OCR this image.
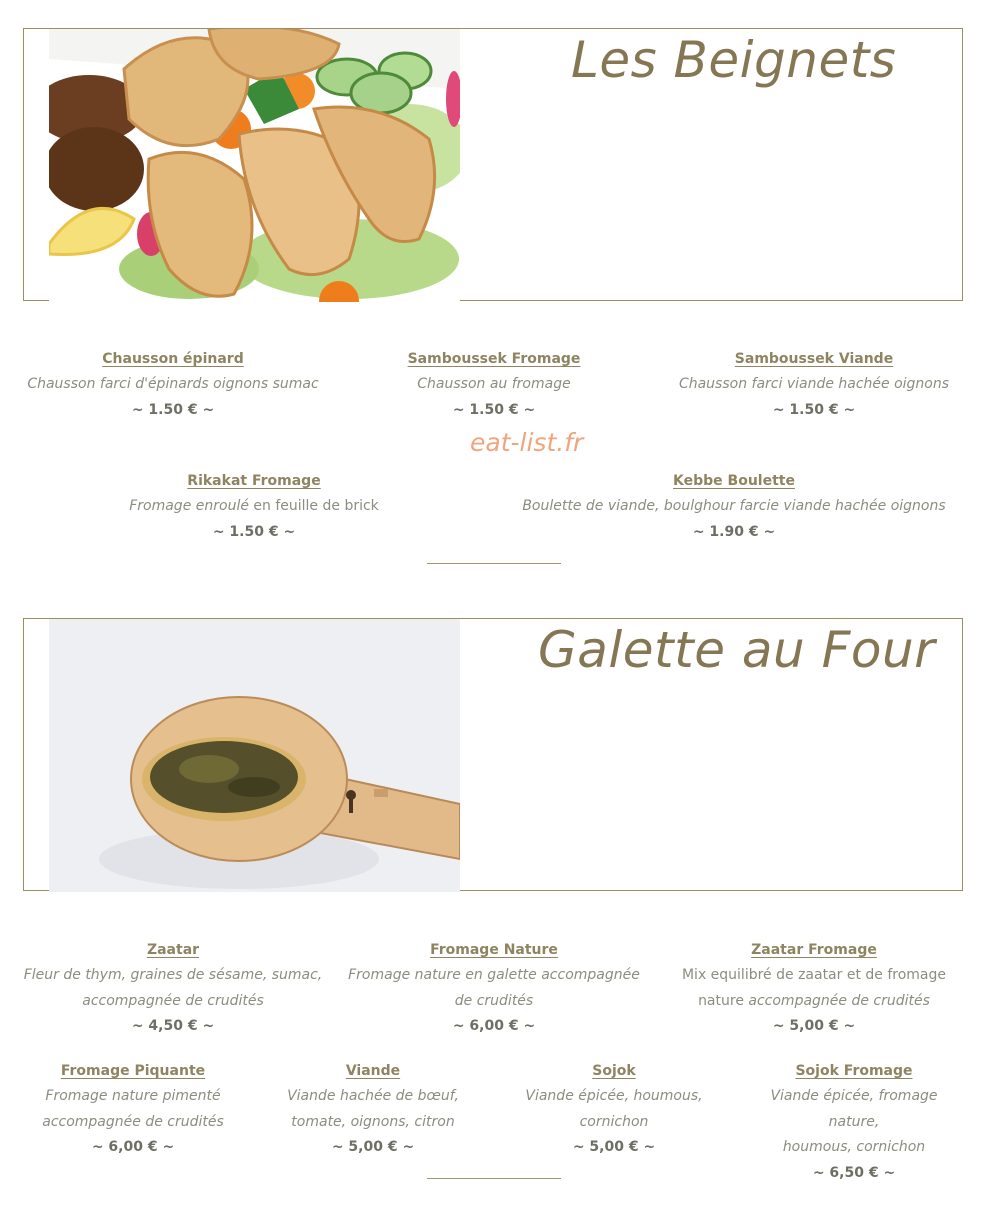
Les Beignets
Chausson épinard
Chausson farci d'épinards oignons sumac
~ 1.50 € ~
Samboussek Fromage
Chausson au fromage
~ 1.50 € ~
Samboussek Viande
Chausson farci viande hachée oignons
~ 1.50 € ~
eat-list.fr
Rikakat Fromage
Fromage enroulé en feuille de brick
~ 1.50 € ~
Kebbe Boulette
Boulette de viande, boulghour farcie viande hachée oignons
~ 1.90 € ~
Galette au Four
Zaatar
Fleur de thym, graines de sésame, sumac,
accompagnée de crudités
~ 4,50 € ~
Fromage Nature
Fromage nature en galette accompagnée
de crudités
~ 6,00 € ~
Zaatar Fromage
Mix equilibré de zaatar et de fromage
nature accompagnée de crudités
~ 5,00 € ~
Fromage Piquante
Fromage nature pimenté
accompagnée de crudités
~ 6,00 € ~
Viande
Viande hachée de bœuf,
tomate, oignons, citron
~ 5,00 € ~
Sojok
Viande épicée, houmous,
cornichon
~ 5,00 € ~
Sojok Fromage
Viande épicée, fromage nature,
houmous, cornichon
~ 6,50 € ~
